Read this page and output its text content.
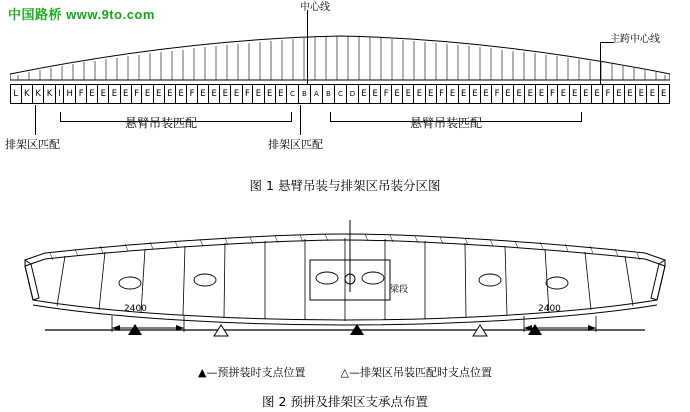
中国路桥 www.9to.com	中心线
主跨中心线
L K K K I H F E E E E F E E E E F E E E E F E E E C	B	A	B	C D E E F E E E E F E E E E F E E E E F E E E E F E E E E E
悬臂吊装匹配	悬臂吊装匹配
排架区匹配	排架区匹配
图 1 悬臂吊装与排架区吊装分区图
梁段
2400	2400
▲—预拼装时支点位置	△—排架区吊装匹配时支点位置
图 2 预拼及排架区支承点布置
